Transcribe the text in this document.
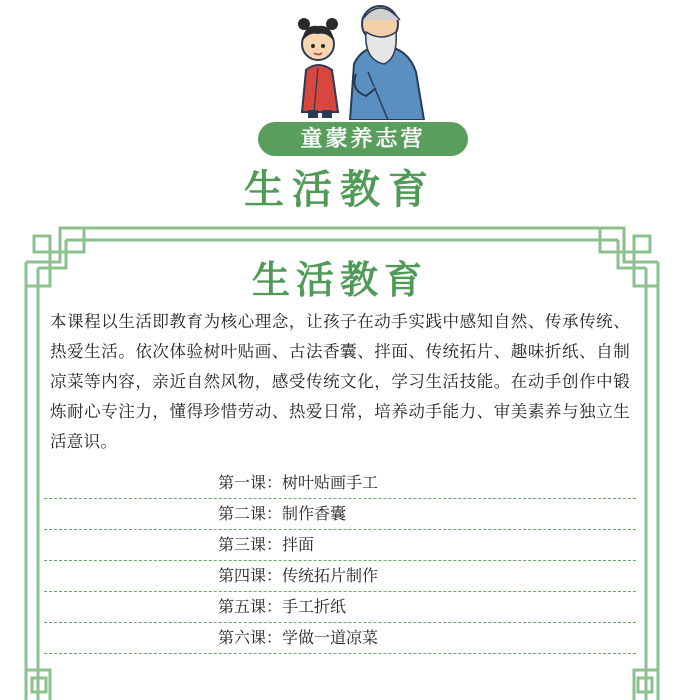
童蒙养志营
生活教育
生活教育

本课程以生活即教育为核心理念，让孩子在动手实践中感知自然、传承传统、热爱生活。依次体验树叶贴画、古法香囊、拌面、传统拓片、趣味折纸、自制凉菜等内容，亲近自然风物，感受传统文化，学习生活技能。在动手创作中锻炼耐心专注力，懂得珍惜劳动、热爱日常，培养动手能力、审美素养与独立生活意识。

第一课：树叶贴画手工
第二课：制作香囊
第三课：拌面
第四课：传统拓片制作
第五课：手工折纸
第六课：学做一道凉菜
